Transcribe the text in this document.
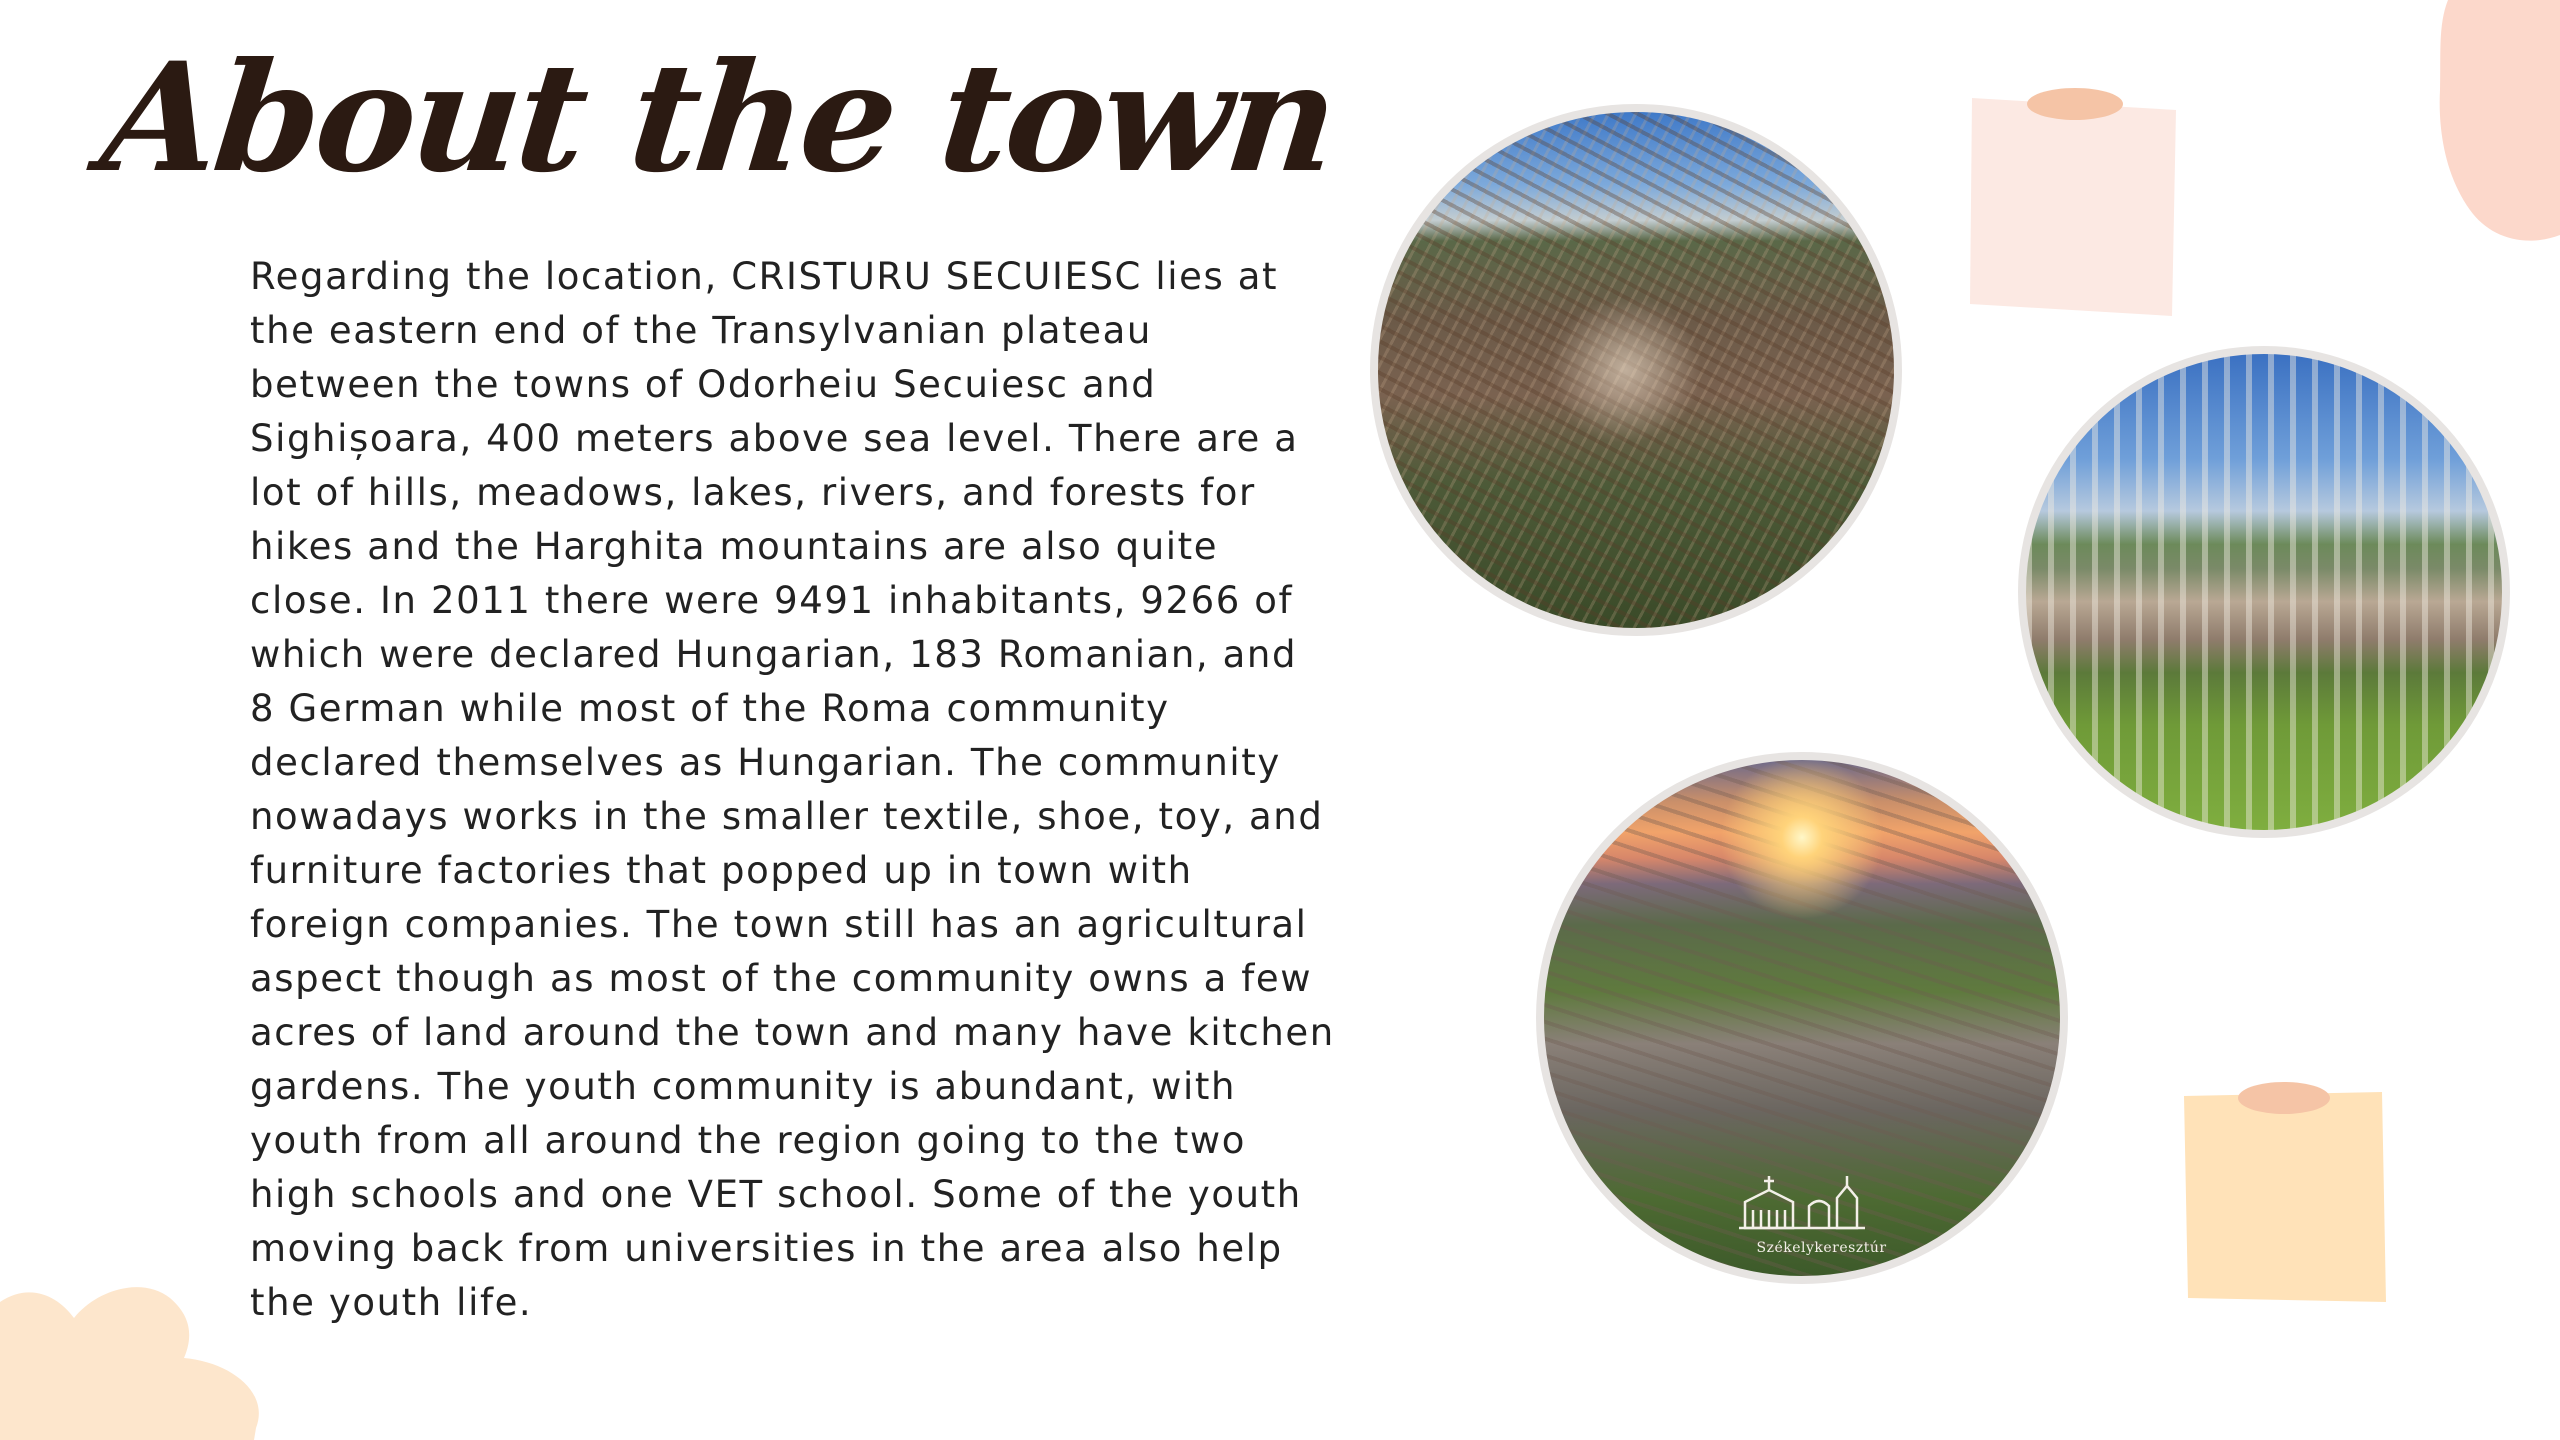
About the town

Regarding the location, CRISTURU SECUIESC lies at the eastern end of the Transylvanian plateau between the towns of Odorheiu Secuiesc and Sighișoara, 400 meters above sea level. There are a lot of hills, meadows, lakes, rivers, and forests for hikes and the Harghita mountains are also quite close. In 2011 there were 9491 inhabitants, 9266 of which were declared Hungarian, 183 Romanian, and 8 German while most of the Roma community declared themselves as Hungarian. The community nowadays works in the smaller textile, shoe, toy, and furniture factories that popped up in town with foreign companies. The town still has an agricultural aspect though as most of the community owns a few acres of land around the town and many have kitchen gardens. The youth community is abundant, with youth from all around the region going to the two high schools and one VET school. Some of the youth moving back from universities in the area also help the youth life.

Székelykeresztúr
